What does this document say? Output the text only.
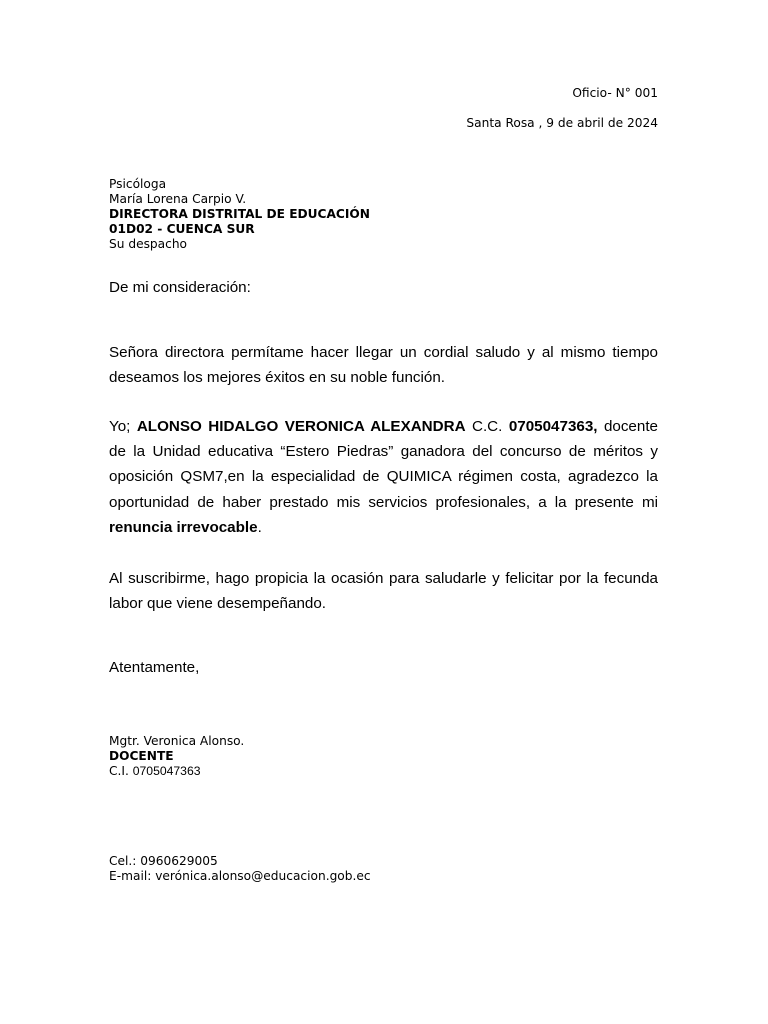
Oficio- N° 001
Santa Rosa , 9 de abril de 2024
Psicóloga
María Lorena Carpio V.
DIRECTORA DISTRITAL DE EDUCACIÓN
01D02 - CUENCA SUR
Su despacho
De mi consideración:
Señora directora permítame hacer llegar un cordial saludo y al mismo tiempo deseamos los mejores éxitos en su noble función.
Yo; ALONSO HIDALGO VERONICA ALEXANDRA C.C. 0705047363, docente de la Unidad educativa “Estero Piedras” ganadora del concurso de méritos y oposición QSM7,en la especialidad de QUIMICA régimen costa, agradezco la oportunidad de haber prestado mis servicios profesionales, a la presente mi renuncia irrevocable.
Al suscribirme, hago propicia la ocasión para saludarle y felicitar por la fecunda labor que viene desempeñando.
Atentamente,
Mgtr. Veronica Alonso.
DOCENTE
C.I. 0705047363
Cel.: 0960629005
E-mail: verónica.alonso@educacion.gob.ec
